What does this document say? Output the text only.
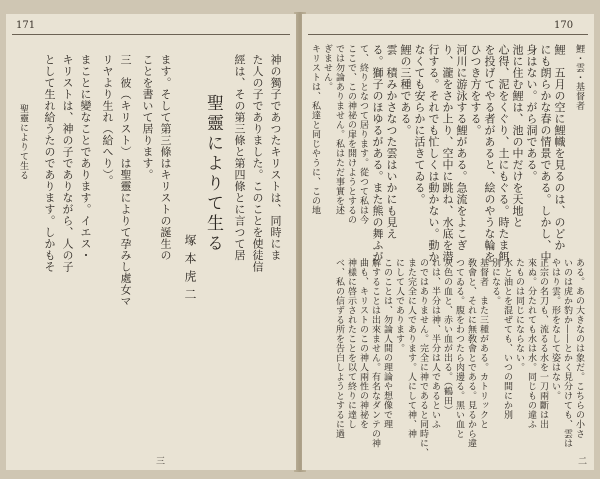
171
神の獨子であつたキリストは、同時にま
た人の子でありました。このことを使徒信
經は、その第三條と第四條とに言つて居
聖靈によりて生る
塚本虎二
ます。そして第三條はキリストの誕生の
ことを書いて居ります。
三　彼（キリスト）は聖靈によりて孕みし處女マ
リヤより生れ（給へり）。
まことに變なことであります。イエス・
キリストは、神の子でありながら、人の子
として生れ給うたのであります。しかもそ
聖靈によりて生る
三
170
鯉・雲・基督者
鯉　五月の空に鯉幟を見るのは、のどか
にも朗らかな春の情景である。しかし、中
身はない。がら洞である。
池に住む鯉は、池の中だけを天地と
心得、泥をくぐり、土にもぐる。時たま餌
を投げてやる者があると、絵のやうな輪を
ひつき方をする。
河川に游泳する鯉がある。急流をよこぎ
り、瀧をさか上り、空中に跳ね、水底を潜
行する。それでも忙しくは動かない。動か
なくても安らかに活きてゐる。
鯉の三種である。
雲　積みかさなつた雲はいかにも見え
る。獅子のほゆるがある。また熊の舞ふが
ある。あの大きなのは象だ。こちらの小さ
いのは虎か豹か――とかく見分けても、雲は
やはり雲。形をなして姿はない。
正宗の名刀も、流るる水を一刀兩斷は出
來ぬ。分たれても水は水。同じもの違ふ
たものは同じにならない。
水と油とを混ぜても、いつの間にか別
別になる。
基督者　また三種がある。カトリックと
敎會と、それに無敎會とである。見るから違
つてゐる。腹をわつたら肉邊る。黑い血と
灰色の血と、赤い血が出る。（鶴田）
れは、半分は神、半分は人であるといふ
のではありません。完全に神であると同時に、
また完全に人であります。人にして神、神
にして人であります。
このことは、勿論人間の理論や想像で理
解することは出來ません。有名なダンテの神
曲も、キリストのこの神人兩性の神祕を
神樣に啓示されたことを以て終りに達し
て、終りとなつて居ります。從つて私は今
ここで、この神祕の扉を開けようとするの
では勿論ありません。私はただ事實を述
べ、私の信ずる所を告白しようとするに過
ぎません。
キリストは、私達と同じやうに、この地
二
